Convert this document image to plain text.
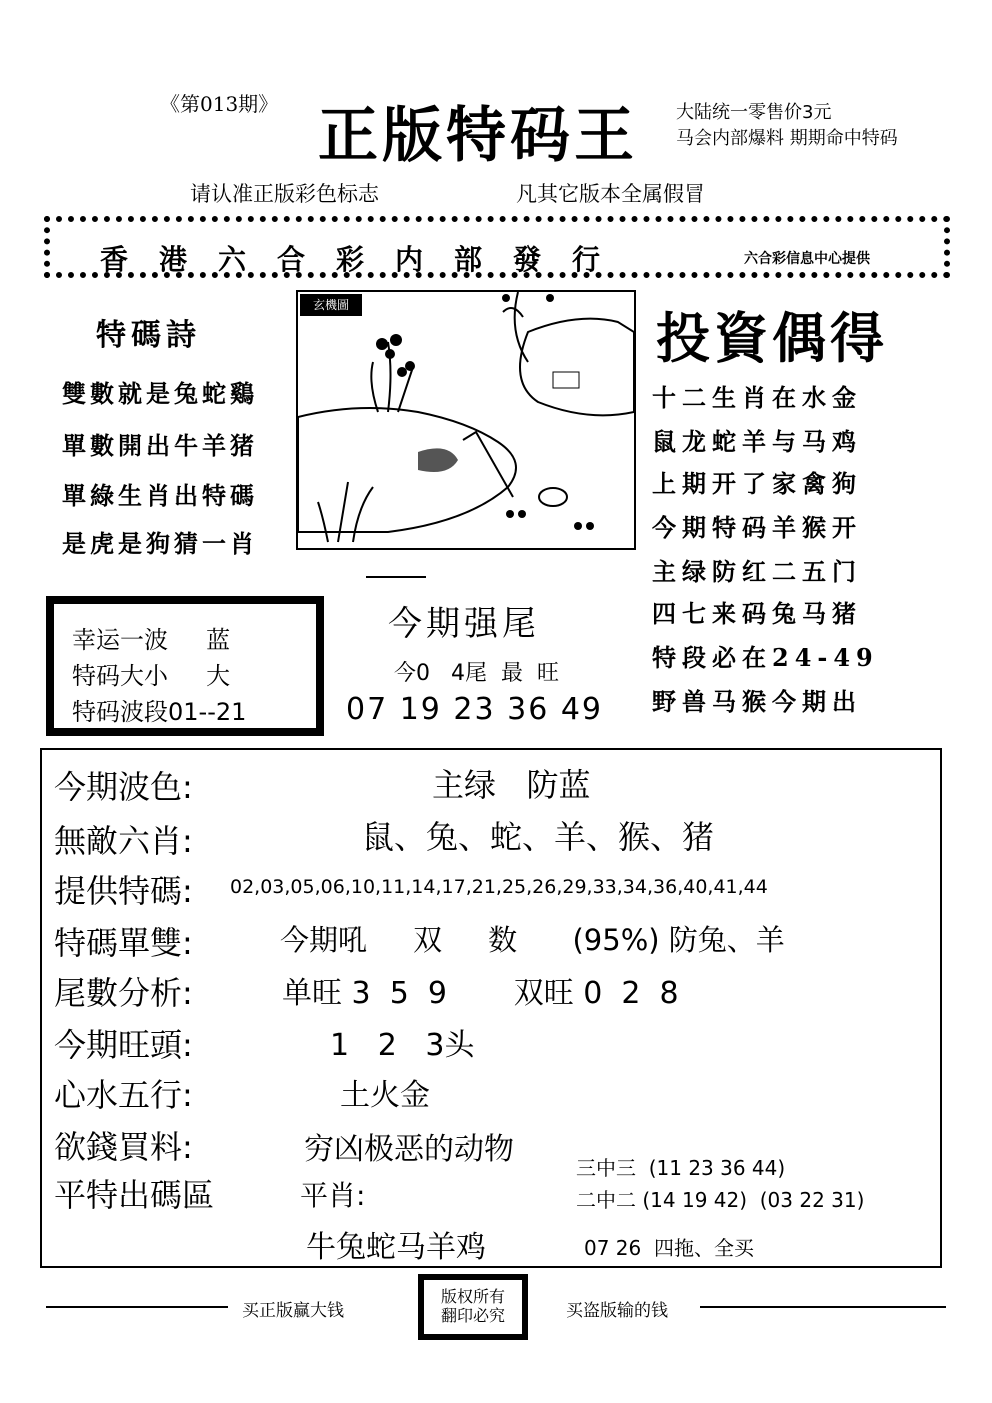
《第013期》 正版特码王 大陆统一零售价3元
马会内部爆料 期期命中特码
请认准正版彩色标志	凡其它版本全属假冒
香港六合彩内部發行	六合彩信息中心提供
特碼詩
雙數就是兔蛇鷄
單數開出牛羊猪
單綠生肖出特碼
是虎是狗猜一肖
玄機圖
投資偶得
十二生肖在水金
鼠龙蛇羊与马鸡
上期开了家禽狗
今期特码羊猴开
主绿防红二五门
四七来码兔马猪
特段必在24-49
野兽马猴今期出
幸运一波     蓝
特码大小     大
特码波段01--21
今期强尾
今0   4尾  最  旺
07 19 23 36 49
今期波色:	主绿   防蓝
無敵六肖:	鼠、兔、蛇、羊、猴、猪
提供特碼: 02,03,05,06,10,11,14,17,21,25,26,29,33,34,36,40,41,44
特碼單雙:	今期吼     双     数      (95%) 防兔、羊
尾數分析:	单旺 3  5  9       双旺 0  2  8
今期旺頭:	1   2   3头
心水五行:	土火金
欲錢買料:	穷凶极恶的动物
平特出碼區	平肖:
牛兔蛇马羊鸡
三中三  (11 23 36 44)
二中二 (14 19 42)  (03 22 31)
07 26  四拖、全买
买正版赢大钱
版权所有
翻印必究	买盗版输的钱
